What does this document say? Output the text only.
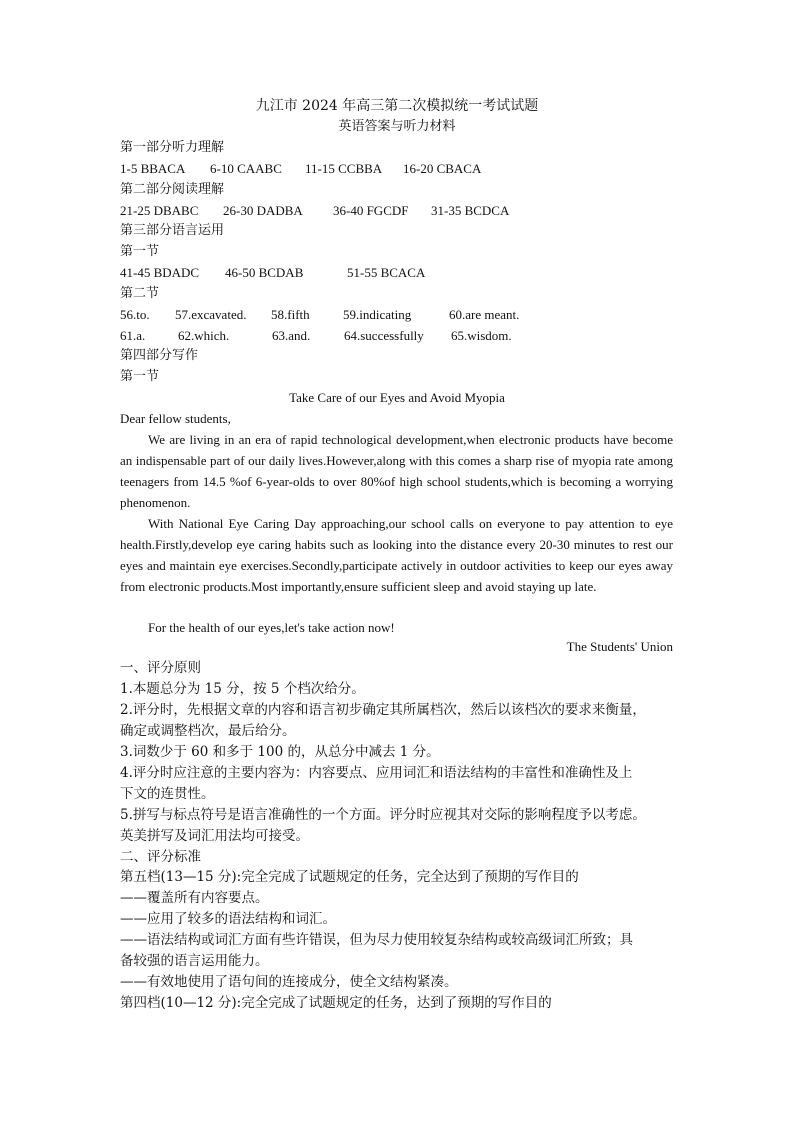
九江市 2024 年高三第二次模拟统一考试试题
英语答案与听力材料
第一部分听力理解
1-5 BBACA 6-10 CAABC 11-15 CCBBA 16-20 CBACA
第二部分阅读理解
21-25 DBABC 26-30 DADBA 36-40 FGCDF 31-35 BCDCA
第三部分语言运用
第一节
41-45 BDADC 46-50 BCDAB	51-55 BCACA
第二节
56.to. 57.excavated. 58.fifth	59.indicating	60.are meant.
61.a.	62.which.	63.and.	64.successfully 65.wisdom.
第四部分写作
第一节
Take Care of our Eyes and Avoid Myopia
Dear fellow students,
We are living in an era of rapid technological development,when electronic products have become an indispensable part of our daily lives.However,along with this comes a sharp rise of myopia rate among teenagers from 14.5 %of 6-year-olds to over 80%of high school students,which is becoming a worrying phenomenon.
With National Eye Caring Day approaching,our school calls on everyone to pay attention to eye health.Firstly,develop eye caring habits such as looking into the distance every 20-30 minutes to rest our eyes and maintain eye exercises.Secondly,participate actively in outdoor activities to keep our eyes away from electronic products.Most importantly,ensure sufficient sleep and avoid staying up late.
For the health of our eyes,let's take action now!
The Students' Union
一、评分原则
1.本题总分为 15 分，按 5 个档次给分。
2.评分时，先根据文章的内容和语言初步确定其所属档次，然后以该档次的要求来衡量，
确定或调整档次，最后给分。
3.词数少于 60 和多于 100 的，从总分中减去 1 分。
4.评分时应注意的主要内容为：内容要点、应用词汇和语法结构的丰富性和准确性及上
下文的连贯性。
5.拼写与标点符号是语言准确性的一个方面。评分时应视其对交际的影响程度予以考虑。
英美拼写及词汇用法均可接受。
二、评分标准
第五档(13—15 分):完全完成了试题规定的任务，完全达到了预期的写作目的
——覆盖所有内容要点。
——应用了较多的语法结构和词汇。
——语法结构或词汇方面有些许错误，但为尽力使用较复杂结构或较高级词汇所致；具
备较强的语言运用能力。
——有效地使用了语句间的连接成分，使全文结构紧凑。
第四档(10—12 分):完全完成了试题规定的任务，达到了预期的写作目的
